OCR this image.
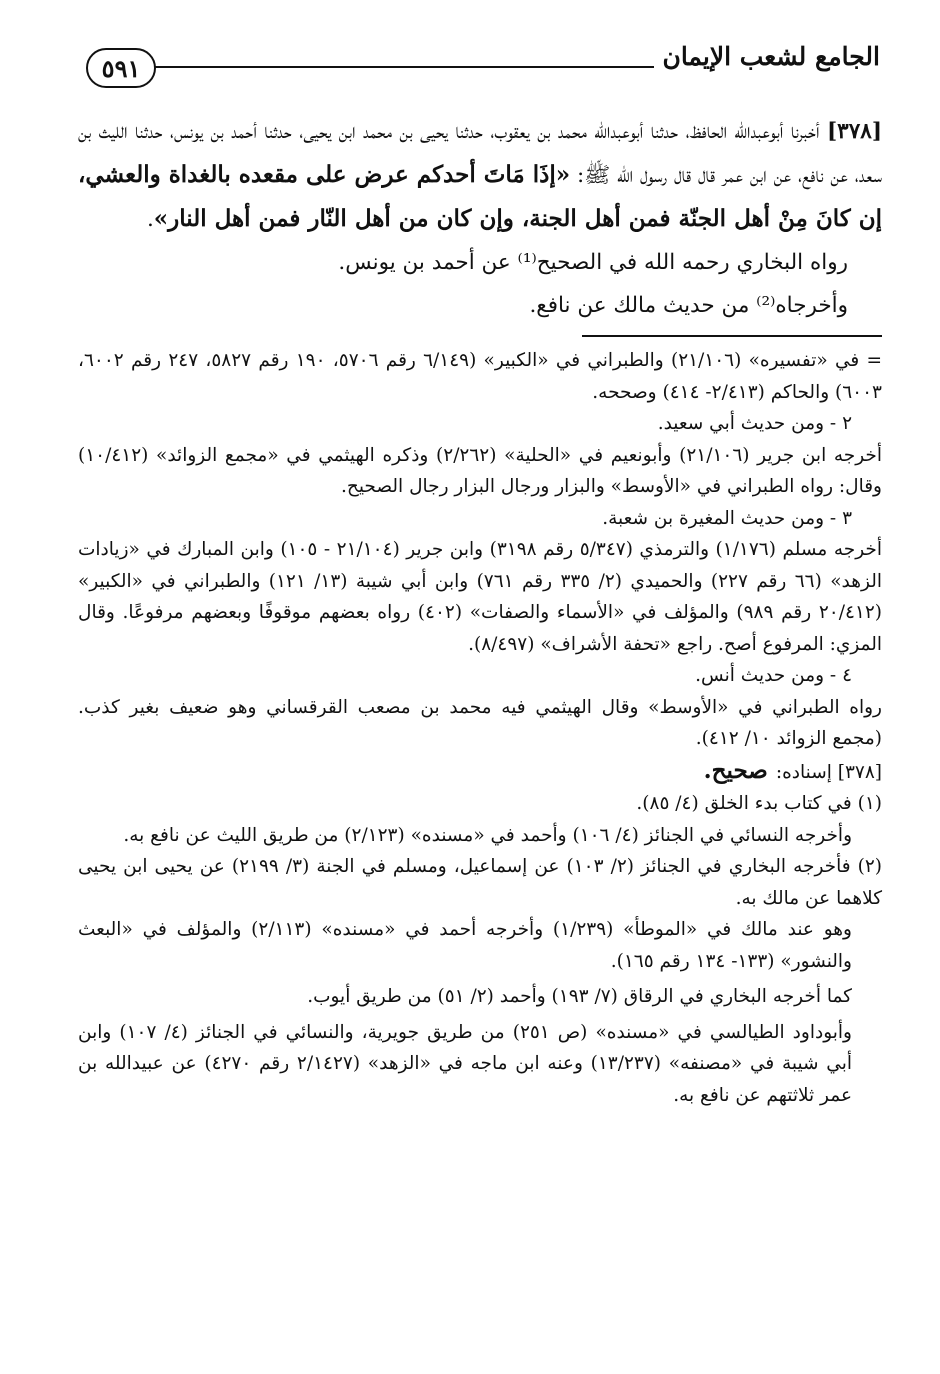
الجامع لشعب الإيمان
٥٩١

[٣٧٨] أخبرنا أبوعبدالله الحافظ، حدثنا أبوعبدالله محمد بن يعقوب، حدثنا يحيى بن محمد ابن يحيى، حدثنا أحمد بن يونس، حدثنا الليث بن سعد، عن نافع، عن ابن عمر قال قال رسول الله ﷺ: «إذَا مَاتَ أحدكم عرض على مقعده بالغداة والعشي، إن كانَ مِنْ أهل الجنّة فمن أهل الجنة، وإن كان من أهل النّار فمن أهل النار».

رواه البخاري رحمه الله في الصحيح⁽¹⁾ عن أحمد بن يونس.

وأخرجاه⁽²⁾ من حديث مالك عن نافع.

= في «تفسيره» (٢١/١٠٦) والطبراني في «الكبير» (٦/١٤٩ رقم ٥٧٠٦، ١٩٠ رقم ٥٨٢٧، ٢٤٧ رقم ٦٠٠٢، ٦٠٠٣) والحاكم (٢/٤١٣- ٤١٤) وصححه.

٢ - ومن حديث أبي سعيد.

أخرجه ابن جرير (٢١/١٠٦) وأبونعيم في «الحلية» (٢/٢٦٢) وذكره الهيثمي في «مجمع الزوائد» (١٠/٤١٢) وقال: رواه الطبراني في «الأوسط» والبزار ورجال البزار رجال الصحيح.

٣ - ومن حديث المغيرة بن شعبة.

أخرجه مسلم (١/١٧٦) والترمذي (٥/٣٤٧ رقم ٣١٩٨) وابن جرير (٢١/١٠٤ - ١٠٥) وابن المبارك في «زيادات الزهد» (٦٦ رقم ٢٢٧) والحميدي (٢/ ٣٣٥ رقم ٧٦١) وابن أبي شيبة (١٣/ ١٢١) والطبراني في «الكبير» (٢٠/٤١٢ رقم ٩٨٩) والمؤلف في «الأسماء والصفات» (٤٠٢) رواه بعضهم موقوفًا وبعضهم مرفوعًا. وقال المزي: المرفوع أصح. راجع «تحفة الأشراف» (٨/٤٩٧).

٤ - ومن حديث أنس.

رواه الطبراني في «الأوسط» وقال الهيثمي فيه محمد بن مصعب القرقساني وهو ضعيف بغير كذب. (مجمع الزوائد ١٠/ ٤١٢).

[٣٧٨] إسناده: صحيح.

(١) في كتاب بدء الخلق (٤/ ٨٥).

وأخرجه النسائي في الجنائز (٤/ ١٠٦) وأحمد في «مسنده» (٢/١٢٣) من طريق الليث عن نافع به.

(٢) فأخرجه البخاري في الجنائز (٢/ ١٠٣) عن إسماعيل، ومسلم في الجنة (٣/ ٢١٩٩) عن يحيى ابن يحيى كلاهما عن مالك به.

وهو عند مالك في «الموطأ» (١/٢٣٩) وأخرجه أحمد في «مسنده» (٢/١١٣) والمؤلف في «البعث والنشور» (١٣٣- ١٣٤ رقم ١٦٥).

كما أخرجه البخاري في الرقاق (٧/ ١٩٣) وأحمد (٢/ ٥١) من طريق أيوب.

وأبوداود الطيالسي في «مسنده» (ص ٢٥١) من طريق جويرية، والنسائي في الجنائز (٤/ ١٠٧) وابن أبي شيبة في «مصنفه» (١٣/٢٣٧) وعنه ابن ماجه في «الزهد» (٢/١٤٢٧ رقم ٤٢٧٠) عن عبيدالله بن عمر ثلاثتهم عن نافع به.
